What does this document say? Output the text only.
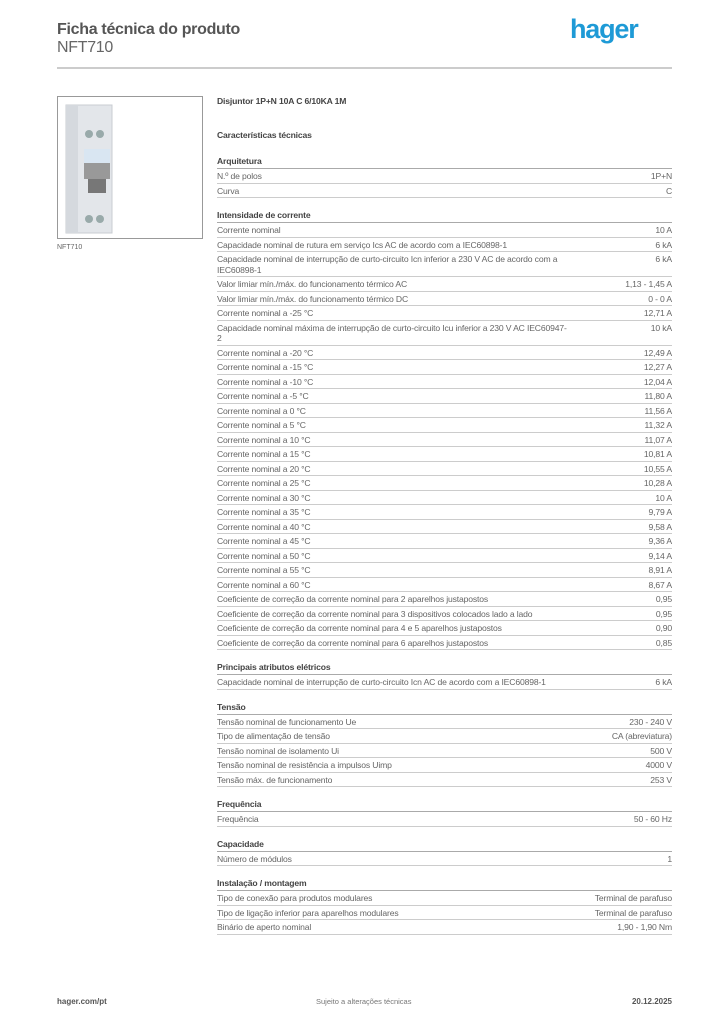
Ficha técnica do produto
NFT710
hager
NFT710
Disjuntor 1P+N 10A C 6/10KA 1M
Características técnicas
Arquitetura
N.º de polos	1P+N
Curva	C
Intensidade de corrente
Corrente nominal	10 A
Capacidade nominal de rutura em serviço Ics AC de acordo com a IEC60898-1	6 kA
Capacidade nominal de interrupção de curto-circuito Icn inferior a 230 V AC de acordo com a IEC60898-1
6 kA
Valor limiar mín./máx. do funcionamento térmico AC	1,13 - 1,45 A
Valor limiar mín./máx. do funcionamento térmico DC	0 - 0 A
Corrente nominal a -25 °C	12,71 A
Capacidade nominal máxima de interrupção de curto-circuito Icu inferior a 230 V AC IEC60947-2
10 kA
Corrente nominal a -20 °C	12,49 A
Corrente nominal a -15 °C	12,27 A
Corrente nominal a -10 °C	12,04 A
Corrente nominal a -5 °C	11,80 A
Corrente nominal a 0 °C	11,56 A
Corrente nominal a 5 °C	11,32 A
Corrente nominal a 10 °C	11,07 A
Corrente nominal a 15 °C	10,81 A
Corrente nominal a 20 °C	10,55 A
Corrente nominal a 25 °C	10,28 A
Corrente nominal a 30 °C	10 A
Corrente nominal a 35 °C	9,79 A
Corrente nominal a 40 °C	9,58 A
Corrente nominal a 45 °C	9,36 A
Corrente nominal a 50 °C	9,14 A
Corrente nominal a 55 °C	8,91 A
Corrente nominal a 60 °C	8,67 A
Coeficiente de correção da corrente nominal para 2 aparelhos justapostos	0,95
Coeficiente de correção da corrente nominal para 3 dispositivos colocados lado a lado	0,95
Coeficiente de correção da corrente nominal para 4 e 5 aparelhos justapostos	0,90
Coeficiente de correção da corrente nominal para 6 aparelhos justapostos	0,85
Principais atributos elétricos
Capacidade nominal de interrupção de curto-circuito Icn AC de acordo com a IEC60898-1	6 kA
Tensão
Tensão nominal de funcionamento Ue	230 - 240 V
Tipo de alimentação de tensão	CA (abreviatura)
Tensão nominal de isolamento Ui	500 V
Tensão nominal de resistência a impulsos Uimp	4000 V
Tensão máx. de funcionamento	253 V
Frequência
Frequência	50 - 60 Hz
Capacidade
Número de módulos	1
Instalação / montagem
Tipo de conexão para produtos modulares	Terminal de parafuso
Tipo de ligação inferior para aparelhos modulares	Terminal de parafuso
Binário de aperto nominal	1,90 - 1,90 Nm
hager.com/pt	Sujeito a alterações técnicas	20.12.2025
